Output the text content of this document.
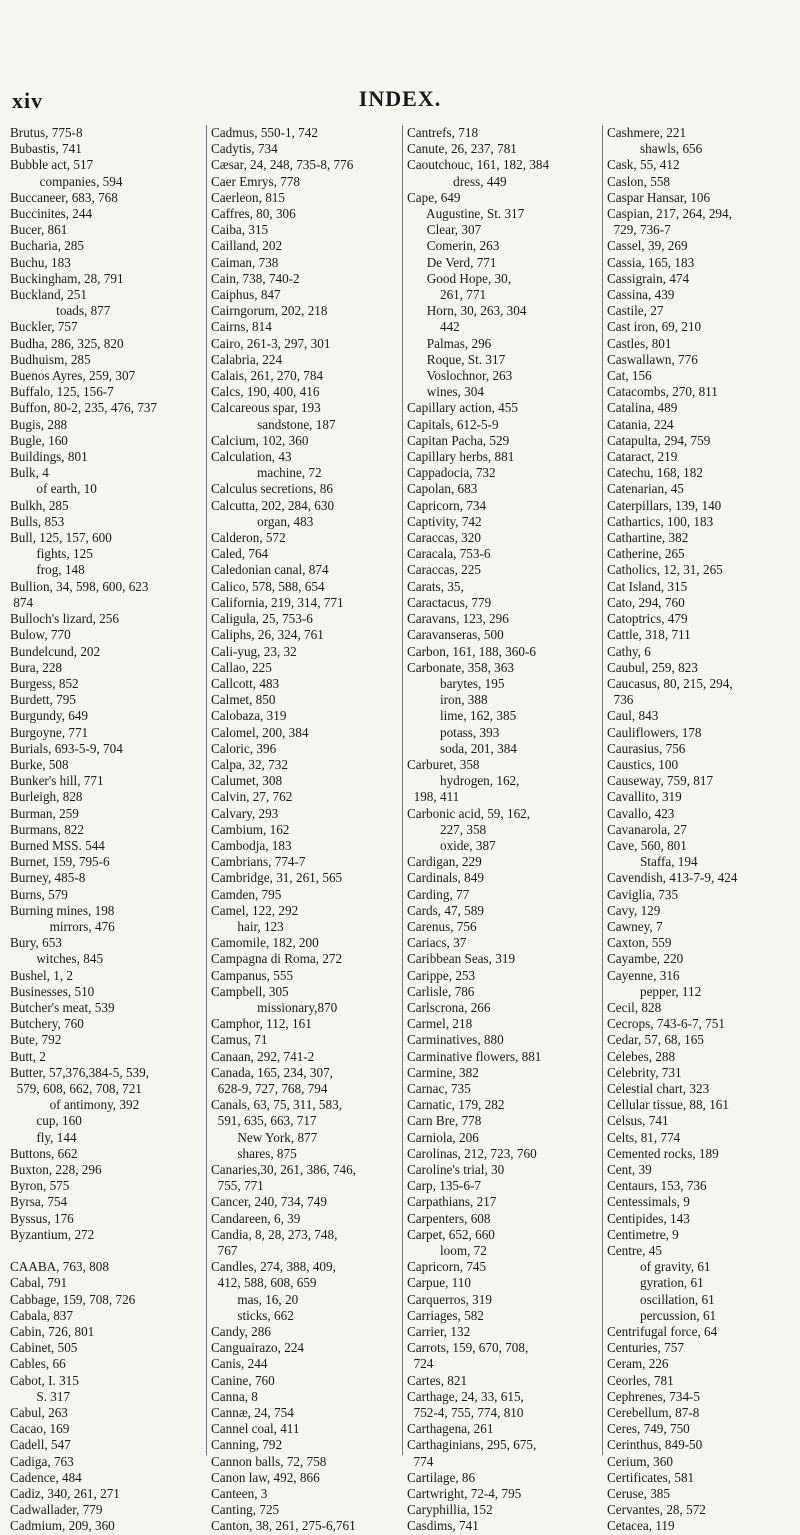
xiv	INDEX.
Brutus, 775-8
Bubastis, 741
Bubble act, 517
companies, 594
Buccaneer, 683, 768
Buccinites, 244
Bucer, 861
Bucharia, 285
Buchu, 183
Buckingham, 28, 791
Buckland, 251
toads, 877
Buckler, 757
Budha, 286, 325, 820
Budhuism, 285
Buenos Ayres, 259, 307
Buffalo, 125, 156-7
Buffon, 80-2, 235, 476, 737
Bugis, 288
Bugle, 160
Buildings, 801
Bulk, 4
of earth, 10
Bulkh, 285
Bulls, 853
Bull, 125, 157, 600
fights, 125
frog, 148
Bullion, 34, 598, 600, 623
874
Bulloch's lizard, 256
Bulow, 770
Bundelcund, 202
Bura, 228
Burgess, 852
Burdett, 795
Burgundy, 649
Burgoyne, 771
Burials, 693-5-9, 704
Burke, 508
Bunker's hill, 771
Burleigh, 828
Burman, 259
Burmans, 822
Burned MSS. 544
Burnet, 159, 795-6
Burney, 485-8
Burns, 579
Burning mines, 198
mirrors, 476
Bury, 653
witches, 845
Bushel, 1, 2
Businesses, 510
Butcher's meat, 539
Butchery, 760
Bute, 792
Butt, 2
Butter, 57,376,384-5, 539,
579, 608, 662, 708, 721
of antimony, 392
cup, 160
fly, 144
Buttons, 662
Buxton, 228, 296
Byron, 575
Byrsa, 754
Byssus, 176
Byzantium, 272

CAABA, 763, 808
Cabal, 791
Cabbage, 159, 708, 726
Cabala, 837
Cabin, 726, 801
Cabinet, 505
Cables, 66
Cabot, I. 315
S. 317
Cabul, 263
Cacao, 169
Cadell, 547
Cadiga, 763
Cadence, 484
Cadiz, 340, 261, 271
Cadwallader, 779
Cadmium, 209, 360
Cadmus, 550-1, 742
Cadytis, 734
Cæsar, 24, 248, 735-8, 776
Caer Emrys, 778
Caerleon, 815
Caffres, 80, 306
Caiba, 315
Cailland, 202
Caiman, 738
Cain, 738, 740-2
Caiphus, 847
Cairngorum, 202, 218
Cairns, 814
Cairo, 261-3, 297, 301
Calabria, 224
Calais, 261, 270, 784
Calcs, 190, 400, 416
Calcareous spar, 193
sandstone, 187
Calcium, 102, 360
Calculation, 43
machine, 72
Calculus secretions, 86
Calcutta, 202, 284, 630
organ, 483
Calderon, 572
Caled, 764
Caledonian canal, 874
Calico, 578, 588, 654
California, 219, 314, 771
Caligula, 25, 753-6
Caliphs, 26, 324, 761
Cali-yug, 23, 32
Callao, 225
Callcott, 483
Calmet, 850
Calobaza, 319
Calomel, 200, 384
Caloric, 396
Calpa, 32, 732
Calumet, 308
Calvin, 27, 762
Calvary, 293
Cambium, 162
Cambodja, 183
Cambrians, 774-7
Cambridge, 31, 261, 565
Camden, 795
Camel, 122, 292
hair, 123
Camomile, 182, 200
Campagna di Roma, 272
Campanus, 555
Campbell, 305
missionary,870
Camphor, 112, 161
Camus, 71
Canaan, 292, 741-2
Canada, 165, 234, 307,
628-9, 727, 768, 794
Canals, 63, 75, 311, 583,
591, 635, 663, 717
New York, 877
shares, 875
Canaries,30, 261, 386, 746,
755, 771
Cancer, 240, 734, 749
Candareen, 6, 39
Candia, 8, 28, 273, 748,
767
Candles, 274, 388, 409,
412, 588, 608, 659
mas, 16, 20
sticks, 662
Candy, 286
Canguairazo, 224
Canis, 244
Canine, 760
Canna, 8
Cannæ, 24, 754
Cannel coal, 411
Canning, 792
Cannon balls, 72, 758
Canon law, 492, 866
Canteen, 3
Canting, 725
Canton, 38, 261, 275-6,761
Cantrefs, 718
Canute, 26, 237, 781
Caoutchouc, 161, 182, 384
dress, 449
Cape, 649
Augustine, St. 317
Clear, 307
Comerin, 263
De Verd, 771
Good Hope, 30,
261, 771
Horn, 30, 263, 304
442
Palmas, 296
Roque, St. 317
Voslochnor, 263
wines, 304
Capillary action, 455
Capitals, 612-5-9
Capitan Pacha, 529
Capillary herbs, 881
Cappadocia, 732
Capolan, 683
Capricorn, 734
Captivity, 742
Caraccas, 320
Caracala, 753-6
Caraccas, 225
Carats, 35,
Caractacus, 779
Caravans, 123, 296
Caravanseras, 500
Carbon, 161, 188, 360-6
Carbonate, 358, 363
barytes, 195
iron, 388
lime, 162, 385
potass, 393
soda, 201, 384
Carburet, 358
hydrogen, 162,
198, 411
Carbonic acid, 59, 162,
227, 358
oxide, 387
Cardigan, 229
Cardinals, 849
Carding, 77
Cards, 47, 589
Carenus, 756
Cariacs, 37
Caribbean Seas, 319
Carippe, 253
Carlisle, 786
Carlscrona, 266
Carmel, 218
Carminatives, 880
Carminative flowers, 881
Carmine, 382
Carnac, 735
Carnatic, 179, 282
Carn Bre, 778
Carniola, 206
Carolinas, 212, 723, 760
Caroline's trial, 30
Carp, 135-6-7
Carpathians, 217
Carpenters, 608
Carpet, 652, 660
loom, 72
Capricorn, 745
Carpue, 110
Carquerros, 319
Carriages, 582
Carrier, 132
Carrots, 159, 670, 708,
724
Cartes, 821
Carthage, 24, 33, 615,
752-4, 755, 774, 810
Carthagena, 261
Carthaginians, 295, 675,
774
Cartilage, 86
Cartwright, 72-4, 795
Caryphillia, 152
Casdims, 741
Cashmere, 221
shawls, 656
Cask, 55, 412
Caslon, 558
Caspar Hansar, 106
Caspian, 217, 264, 294,
729, 736-7
Cassel, 39, 269
Cassia, 165, 183
Cassigrain, 474
Cassina, 439
Castile, 27
Cast iron, 69, 210
Castles, 801
Caswallawn, 776
Cat, 156
Catacombs, 270, 811
Catalina, 489
Catania, 224
Catapulta, 294, 759
Cataract, 219
Catechu, 168, 182
Catenarian, 45
Caterpillars, 139, 140
Cathartics, 100, 183
Cathartine, 382
Catherine, 265
Catholics, 12, 31, 265
Cat Island, 315
Cato, 294, 760
Catoptrics, 479
Cattle, 318, 711
Cathy, 6
Caubul, 259, 823
Caucasus, 80, 215, 294,
736
Caul, 843
Cauliflowers, 178
Caurasius, 756
Caustics, 100
Causeway, 759, 817
Cavallito, 319
Cavallo, 423
Cavanarola, 27
Cave, 560, 801
Staffa, 194
Cavendish, 413-7-9, 424
Caviglia, 735
Cavy, 129
Cawney, 7
Caxton, 559
Cayambe, 220
Cayenne, 316
pepper, 112
Cecil, 828
Cecrops, 743-6-7, 751
Cedar, 57, 68, 165
Celebes, 288
Celebrity, 731
Celestial chart, 323
Cellular tissue, 88, 161
Celsus, 741
Celts, 81, 774
Cemented rocks, 189
Cent, 39
Centaurs, 153, 736
Centessimals, 9
Centipides, 143
Centimetre, 9
Centre, 45
of gravity, 61
gyration, 61
oscillation, 61
percussion, 61
Centrifugal force, 64
Centuries, 757
Ceram, 226
Ceorles, 781
Cephrenes, 734-5
Cerebellum, 87-8
Ceres, 749, 750
Cerinthus, 849-50
Cerium, 360
Certificates, 581
Ceruse, 385
Cervantes, 28, 572
Cetacea, 119
